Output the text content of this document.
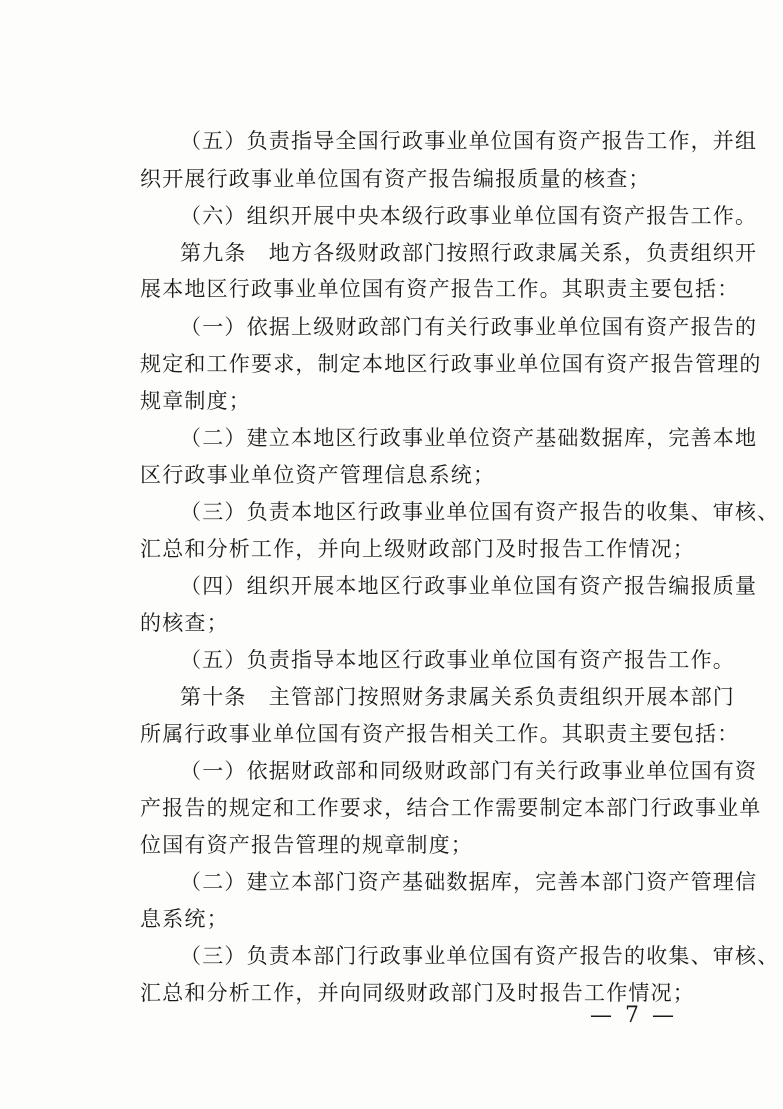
（五）负责指导全国行政事业单位国有资产报告工作，并组
织开展行政事业单位国有资产报告编报质量的核查；
（六）组织开展中央本级行政事业单位国有资产报告工作。
第九条　地方各级财政部门按照行政隶属关系，负责组织开
展本地区行政事业单位国有资产报告工作。其职责主要包括：
（一）依据上级财政部门有关行政事业单位国有资产报告的
规定和工作要求，制定本地区行政事业单位国有资产报告管理的
规章制度；
（二）建立本地区行政事业单位资产基础数据库，完善本地
区行政事业单位资产管理信息系统；
（三）负责本地区行政事业单位国有资产报告的收集、审核、
汇总和分析工作，并向上级财政部门及时报告工作情况；
（四）组织开展本地区行政事业单位国有资产报告编报质量
的核查；
（五）负责指导本地区行政事业单位国有资产报告工作。
第十条　主管部门按照财务隶属关系负责组织开展本部门
所属行政事业单位国有资产报告相关工作。其职责主要包括：
（一）依据财政部和同级财政部门有关行政事业单位国有资
产报告的规定和工作要求，结合工作需要制定本部门行政事业单
位国有资产报告管理的规章制度；
（二）建立本部门资产基础数据库，完善本部门资产管理信
息系统；
（三）负责本部门行政事业单位国有资产报告的收集、审核、
汇总和分析工作，并向同级财政部门及时报告工作情况；
— 7 —
